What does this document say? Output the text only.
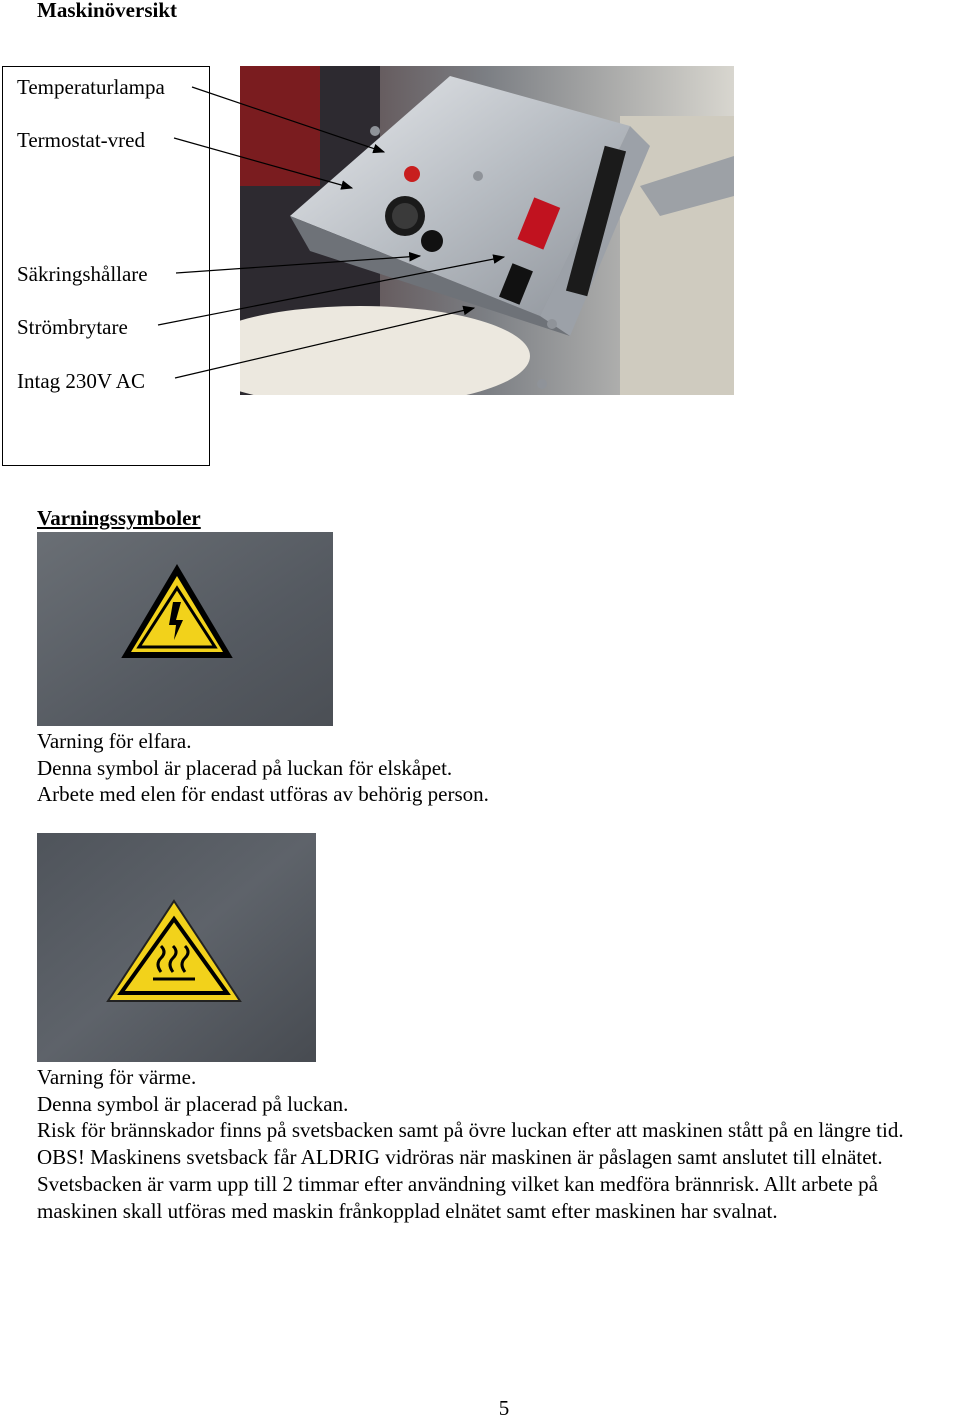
Maskinöversikt
Temperaturlampa
Termostat-vred
Säkringshållare
Strömbrytare
Intag 230V AC
Varningssymboler
Varning för elfara.
Denna symbol är placerad på luckan för elskåpet.
Arbete med elen för endast utföras av behörig person.
Varning för värme.
Denna symbol är placerad på luckan.
Risk för brännskador finns på svetsbacken samt på övre luckan efter att maskinen stått på en längre tid.
OBS! Maskinens svetsback får ALDRIG vidröras när maskinen är påslagen samt anslutet till elnätet. Svetsbacken är varm upp till 2 timmar efter användning vilket kan medföra brännrisk. Allt arbete på maskinen skall utföras med maskin frånkopplad elnätet samt efter maskinen har svalnat.
5
